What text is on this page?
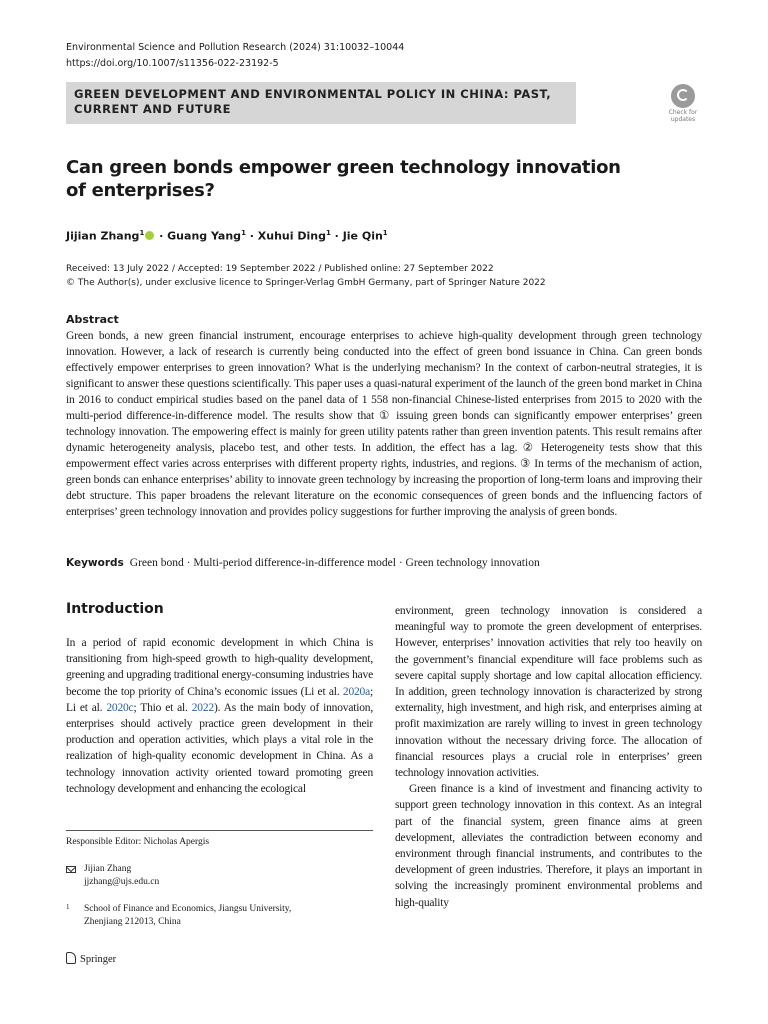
Environmental Science and Pollution Research (2024) 31:10032–10044
https://doi.org/10.1007/s11356-022-23192-5
GREEN DEVELOPMENT AND ENVIRONMENTAL POLICY IN CHINA: PAST, CURRENT AND FUTURE	Check for
updates
Can green bonds empower green technology innovation of enterprises?
Jijian Zhang$^1$ · Guang Yang$^1$ · Xuhui Ding$^1$ · Jie Qin$^1$
Received: 13 July 2022 / Accepted: 19 September 2022 / Published online: 27 September 2022
© The Author(s), under exclusive licence to Springer-Verlag GmbH Germany, part of Springer Nature 2022
Abstract
Green bonds, a new green financial instrument, encourage enterprises to achieve high-quality development through green technology innovation. However, a lack of research is currently being conducted into the effect of green bond issuance in China. Can green bonds effectively empower enterprises to green innovation? What is the underlying mechanism? In the context of carbon-neutral strategies, it is significant to answer these questions scientifically. This paper uses a quasi-natural experiment of the launch of the green bond market in China in 2016 to conduct empirical studies based on the panel data of 1 558 non-financial Chinese-listed enterprises from 2015 to 2020 with the multi-period difference-in-difference model. The results show that ① issuing green bonds can significantly empower enterprises’ green technology innovation. The empowering effect is mainly for green utility patents rather than green invention patents. This result remains after dynamic heterogeneity analysis, placebo test, and other tests. In addition, the effect has a lag. ② Heterogeneity tests show that this empowerment effect varies across enterprises with different property rights, industries, and regions. ③ In terms of the mechanism of action, green bonds can enhance enterprises’ ability to innovate green technology by increasing the proportion of long-term loans and improving their debt structure. This paper broadens the relevant literature on the economic consequences of green bonds and the influencing factors of enterprises’ green technology innovation and provides policy suggestions for further improving the analysis of green bonds.
Keywords Green bond · Multi-period difference-in-difference model · Green technology innovation
Introduction

In a period of rapid economic development in which China is transitioning from high-speed growth to high-quality development, greening and upgrading traditional energy-consuming industries have become the top priority of China’s economic issues (Li et al. 2020a; Li et al. 2020c; Thio et al. 2022). As the main body of innovation, enterprises should actively practice green development in their production and operation activities, which plays a vital role in the realization of high-quality economic development in China. As a technology innovation activity oriented toward promoting green technology development and enhancing the ecological

environment, green technology innovation is considered a meaningful way to promote the green development of enterprises. However, enterprises’ innovation activities that rely too heavily on the government’s financial expenditure will face problems such as severe capital supply shortage and low capital allocation efficiency. In addition, green technology innovation is characterized by strong externality, high investment, and high risk, and enterprises aiming at profit maximization are rarely willing to invest in green technology innovation without the necessary driving force. The allocation of financial resources plays a crucial role in enterprises’ green technology innovation activities.

Green finance is a kind of investment and financing activity to support green technology innovation in this context. As an integral part of the financial system, green finance aims at green development, alleviates the contradiction between economy and environment through financial instruments, and contributes to the development of green industries. Therefore, it plays an important in solving the increasingly prominent environmental problems and high-quality

Responsible Editor: Nicholas Apergis
Jijian Zhang
jjzhang@ujs.edu.cn
1 School of Finance and Economics, Jiangsu University,
Zhenjiang 212013, China
Springer
